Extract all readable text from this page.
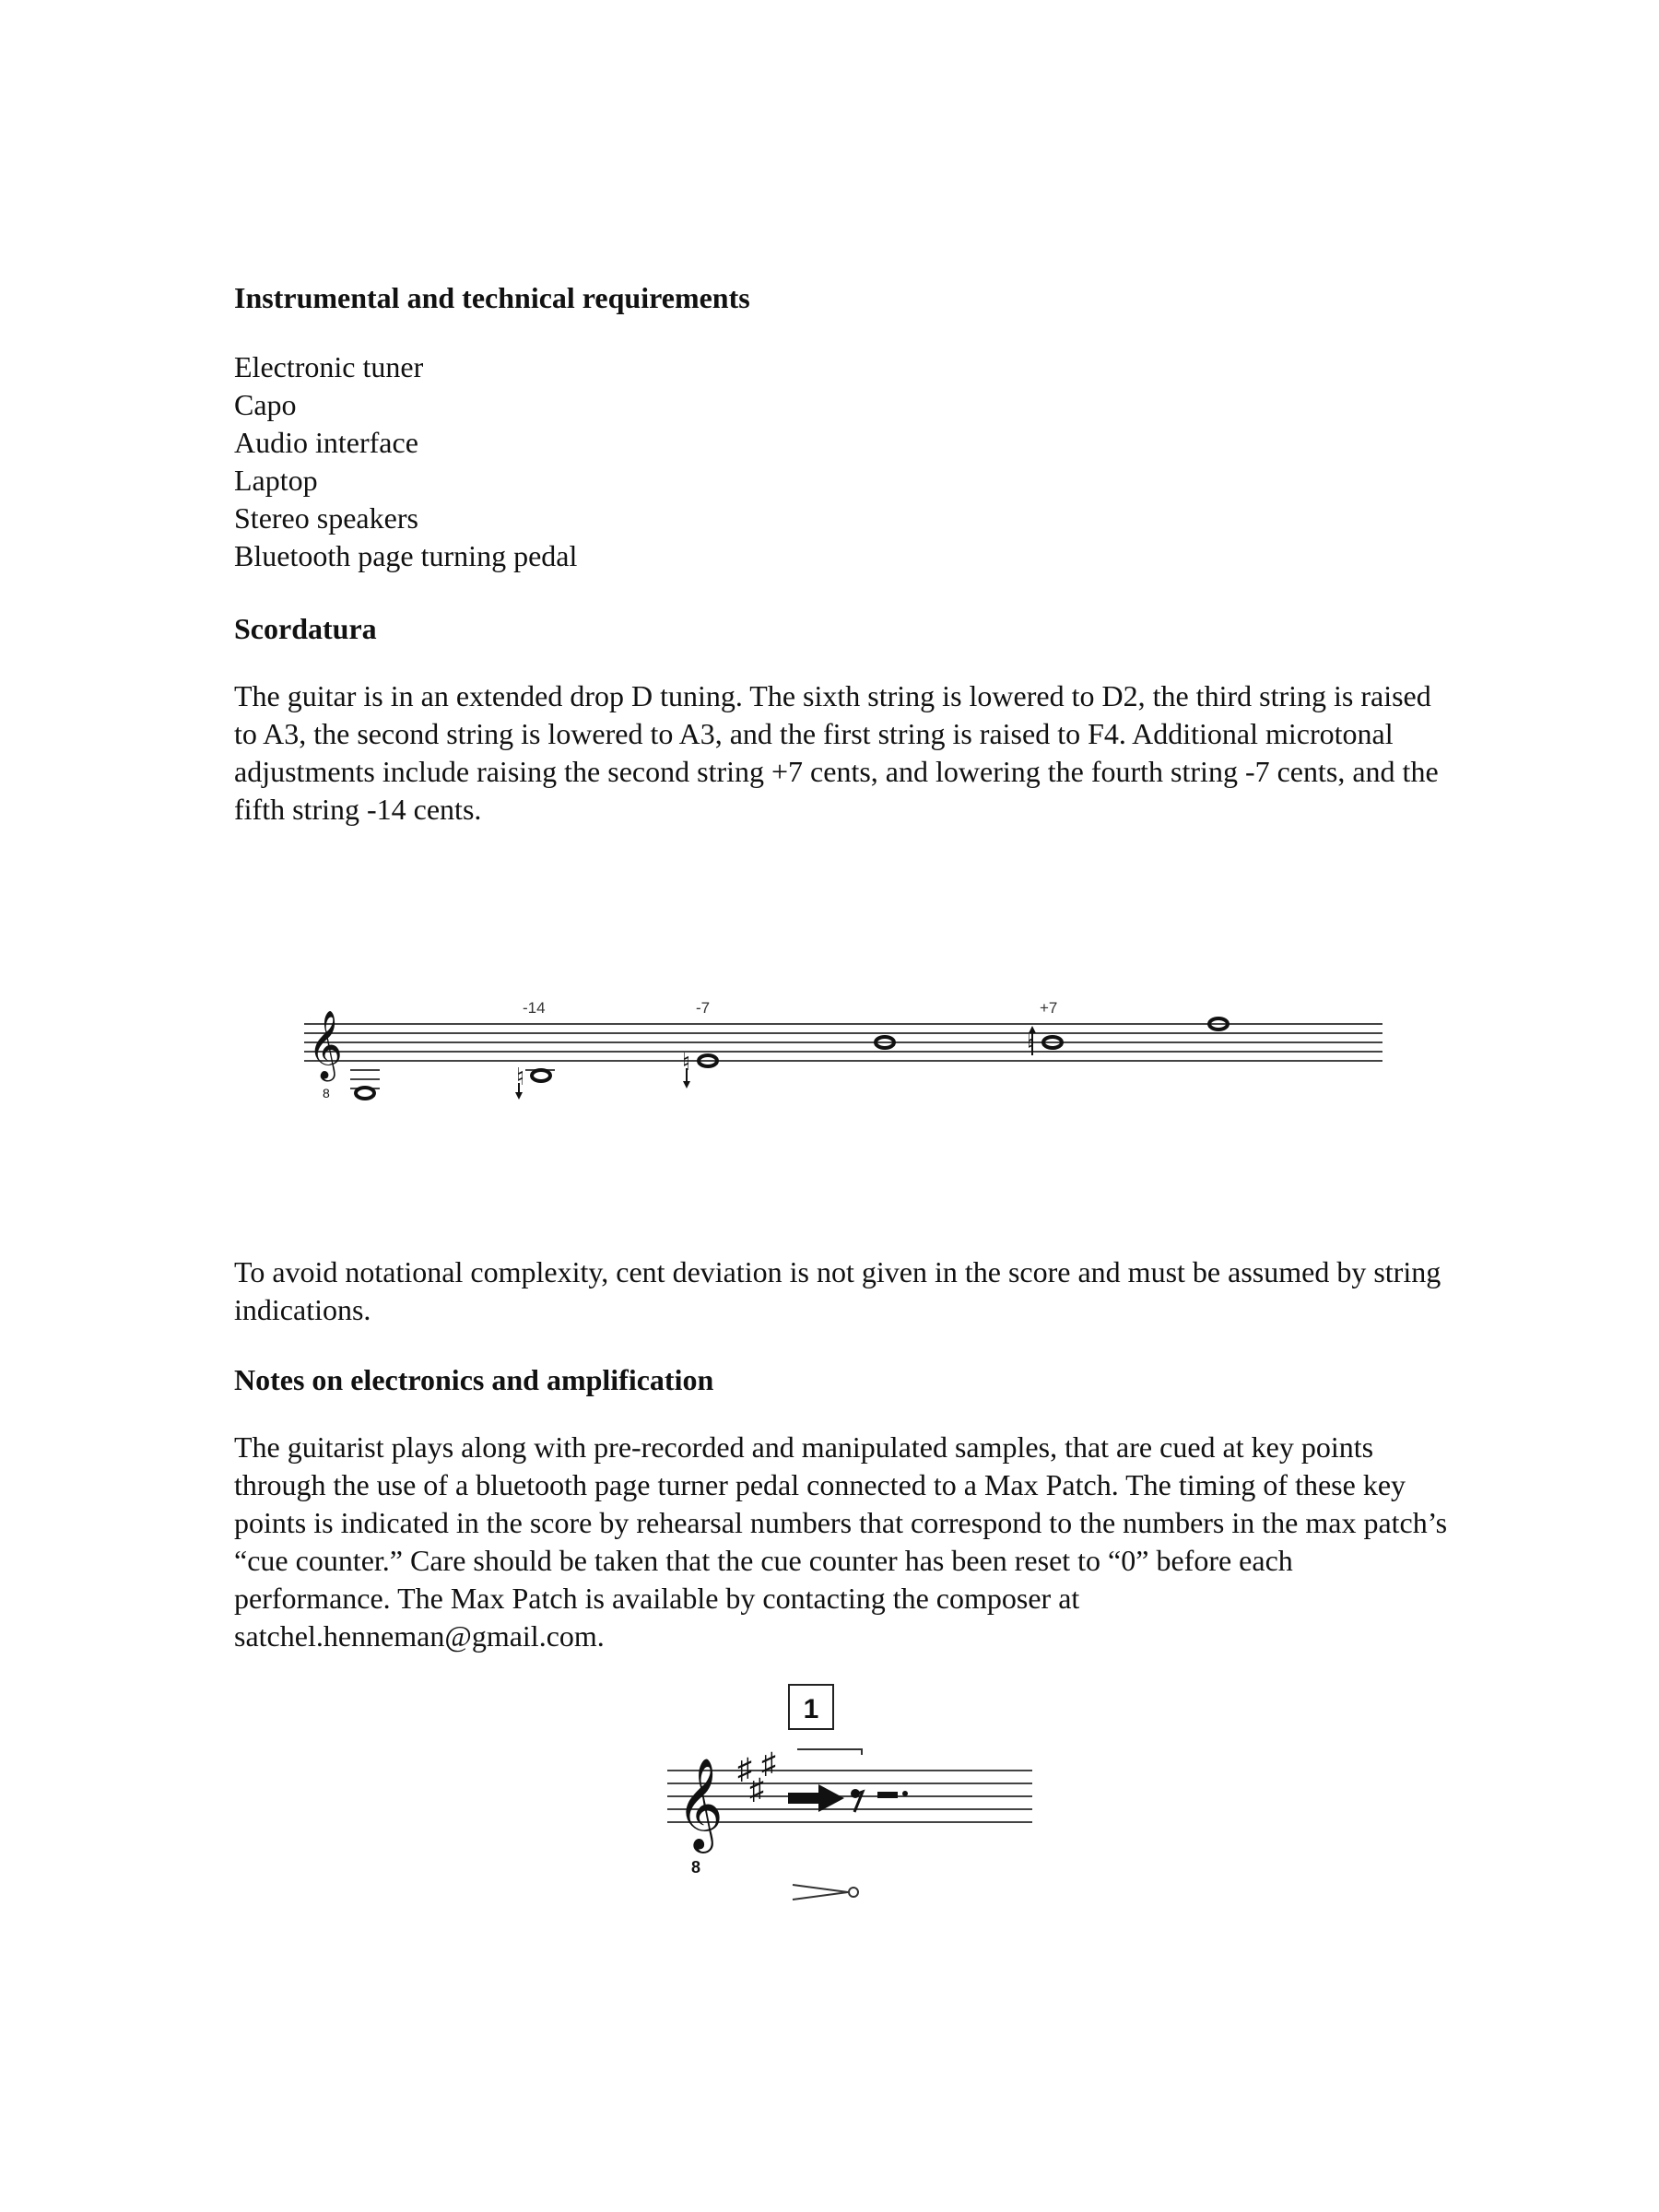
Instrumental and technical requirements
Electronic tuner
Capo
Audio interface
Laptop
Stereo speakers
Bluetooth page turning pedal
Scordatura

The guitar is in an extended drop D tuning. The sixth string is lowered to D2, the third string is raised to A3, the second string is lowered to A3, and the first string is raised to F4. Additional microtonal adjustments include raising the second string +7 cents, and lowering the fourth string -7 cents, and the fifth string -14 cents.

𝄞
8
-14
♮
-7
♮
+7
♮

To avoid notational complexity, cent deviation is not given in the score and must be assumed by string indications.

Notes on electronics and amplification

The guitarist plays along with pre-recorded and manipulated samples, that are cued at key points through the use of a bluetooth page turner pedal connected to a Max Patch. The timing of these key points is indicated in the score by rehearsal numbers that correspond to the numbers in the max patch’s “cue counter.” Care should be taken that the cue counter has been reset to “0” before each performance. The Max Patch is available by contacting the composer at satchel.henneman@gmail.com.

1
𝄞
8
♯
♯
♯
